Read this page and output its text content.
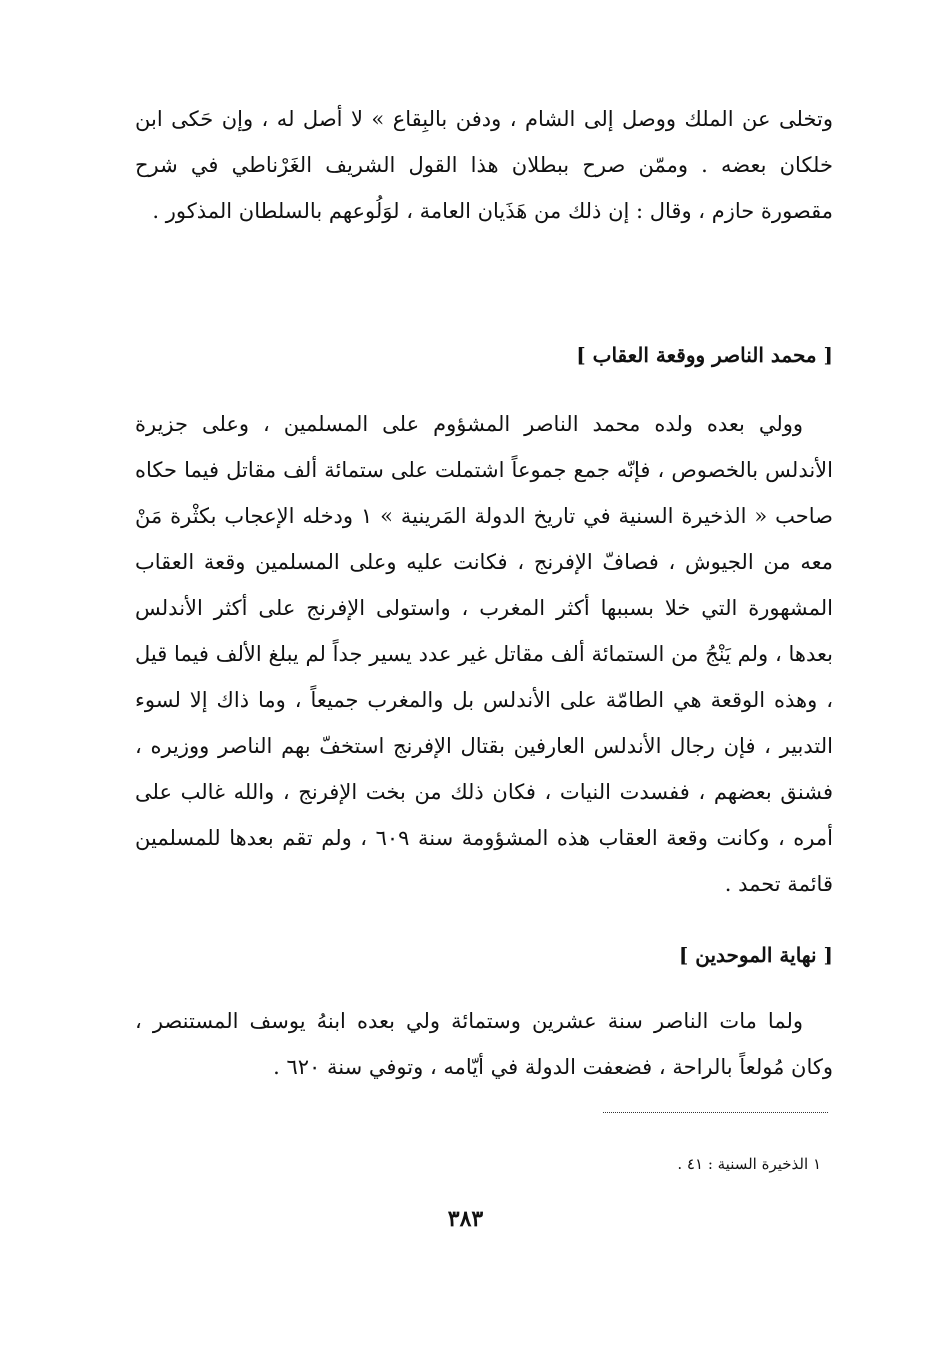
وتخلى عن الملك ووصل إلى الشام ، ودفن بالبِقاع » لا أصل له ، وإن حَكى ابن خلكان بعضه . وممّن صرح ببطلان هذا القول الشريف الغَرْناطي في شرح مقصورة حازم ، وقال : إن ذلك من هَذَيان العامة ، لوَلُوعهم بالسلطان المذكور .

[ محمد الناصر ووقعة العقاب ]

وولي بعده ولده محمد الناصر المشؤوم على المسلمين ، وعلى جزيرة الأندلس بالخصوص ، فإنّه جمع جموعاً اشتملت على ستمائة ألف مقاتل فيما حكاه صاحب « الذخيرة السنية في تاريخ الدولة المَرينية » ١ ودخله الإعجاب بكثْرة مَنْ معه من الجيوش ، فصافّ الإفرنج ، فكانت عليه وعلى المسلمين وقعة العقاب المشهورة التي خلا بسببها أكثر المغرب ، واستولى الإفرنج على أكثر الأندلس بعدها ، ولم يَنْجُ من الستمائة ألف مقاتل غير عدد يسير جداً لم يبلغ الألف فيما قيل ، وهذه الوقعة هي الطامّة على الأندلس بل والمغرب جميعاً ، وما ذاك إلا لسوء التدبير ، فإن رجال الأندلس العارفين بقتال الإفرنج استخفّ بهم الناصر ووزيره ، فشنق بعضهم ، ففسدت النيات ، فكان ذلك من بخت الإفرنج ، والله غالب على أمره ، وكانت وقعة العقاب هذه المشؤومة سنة ٦٠٩ ، ولم تقم بعدها للمسلمين قائمة تحمد .

[ نهاية الموحدين ]

ولما مات الناصر سنة عشرين وستمائة ولي بعده ابنهُ يوسف المستنصر ، وكان مُولعاً بالراحة ، فضعفت الدولة في أيّامه ، وتوفي سنة ٦٢٠ .

١ الذخيرة السنية : ٤١ .
٣٨٣
